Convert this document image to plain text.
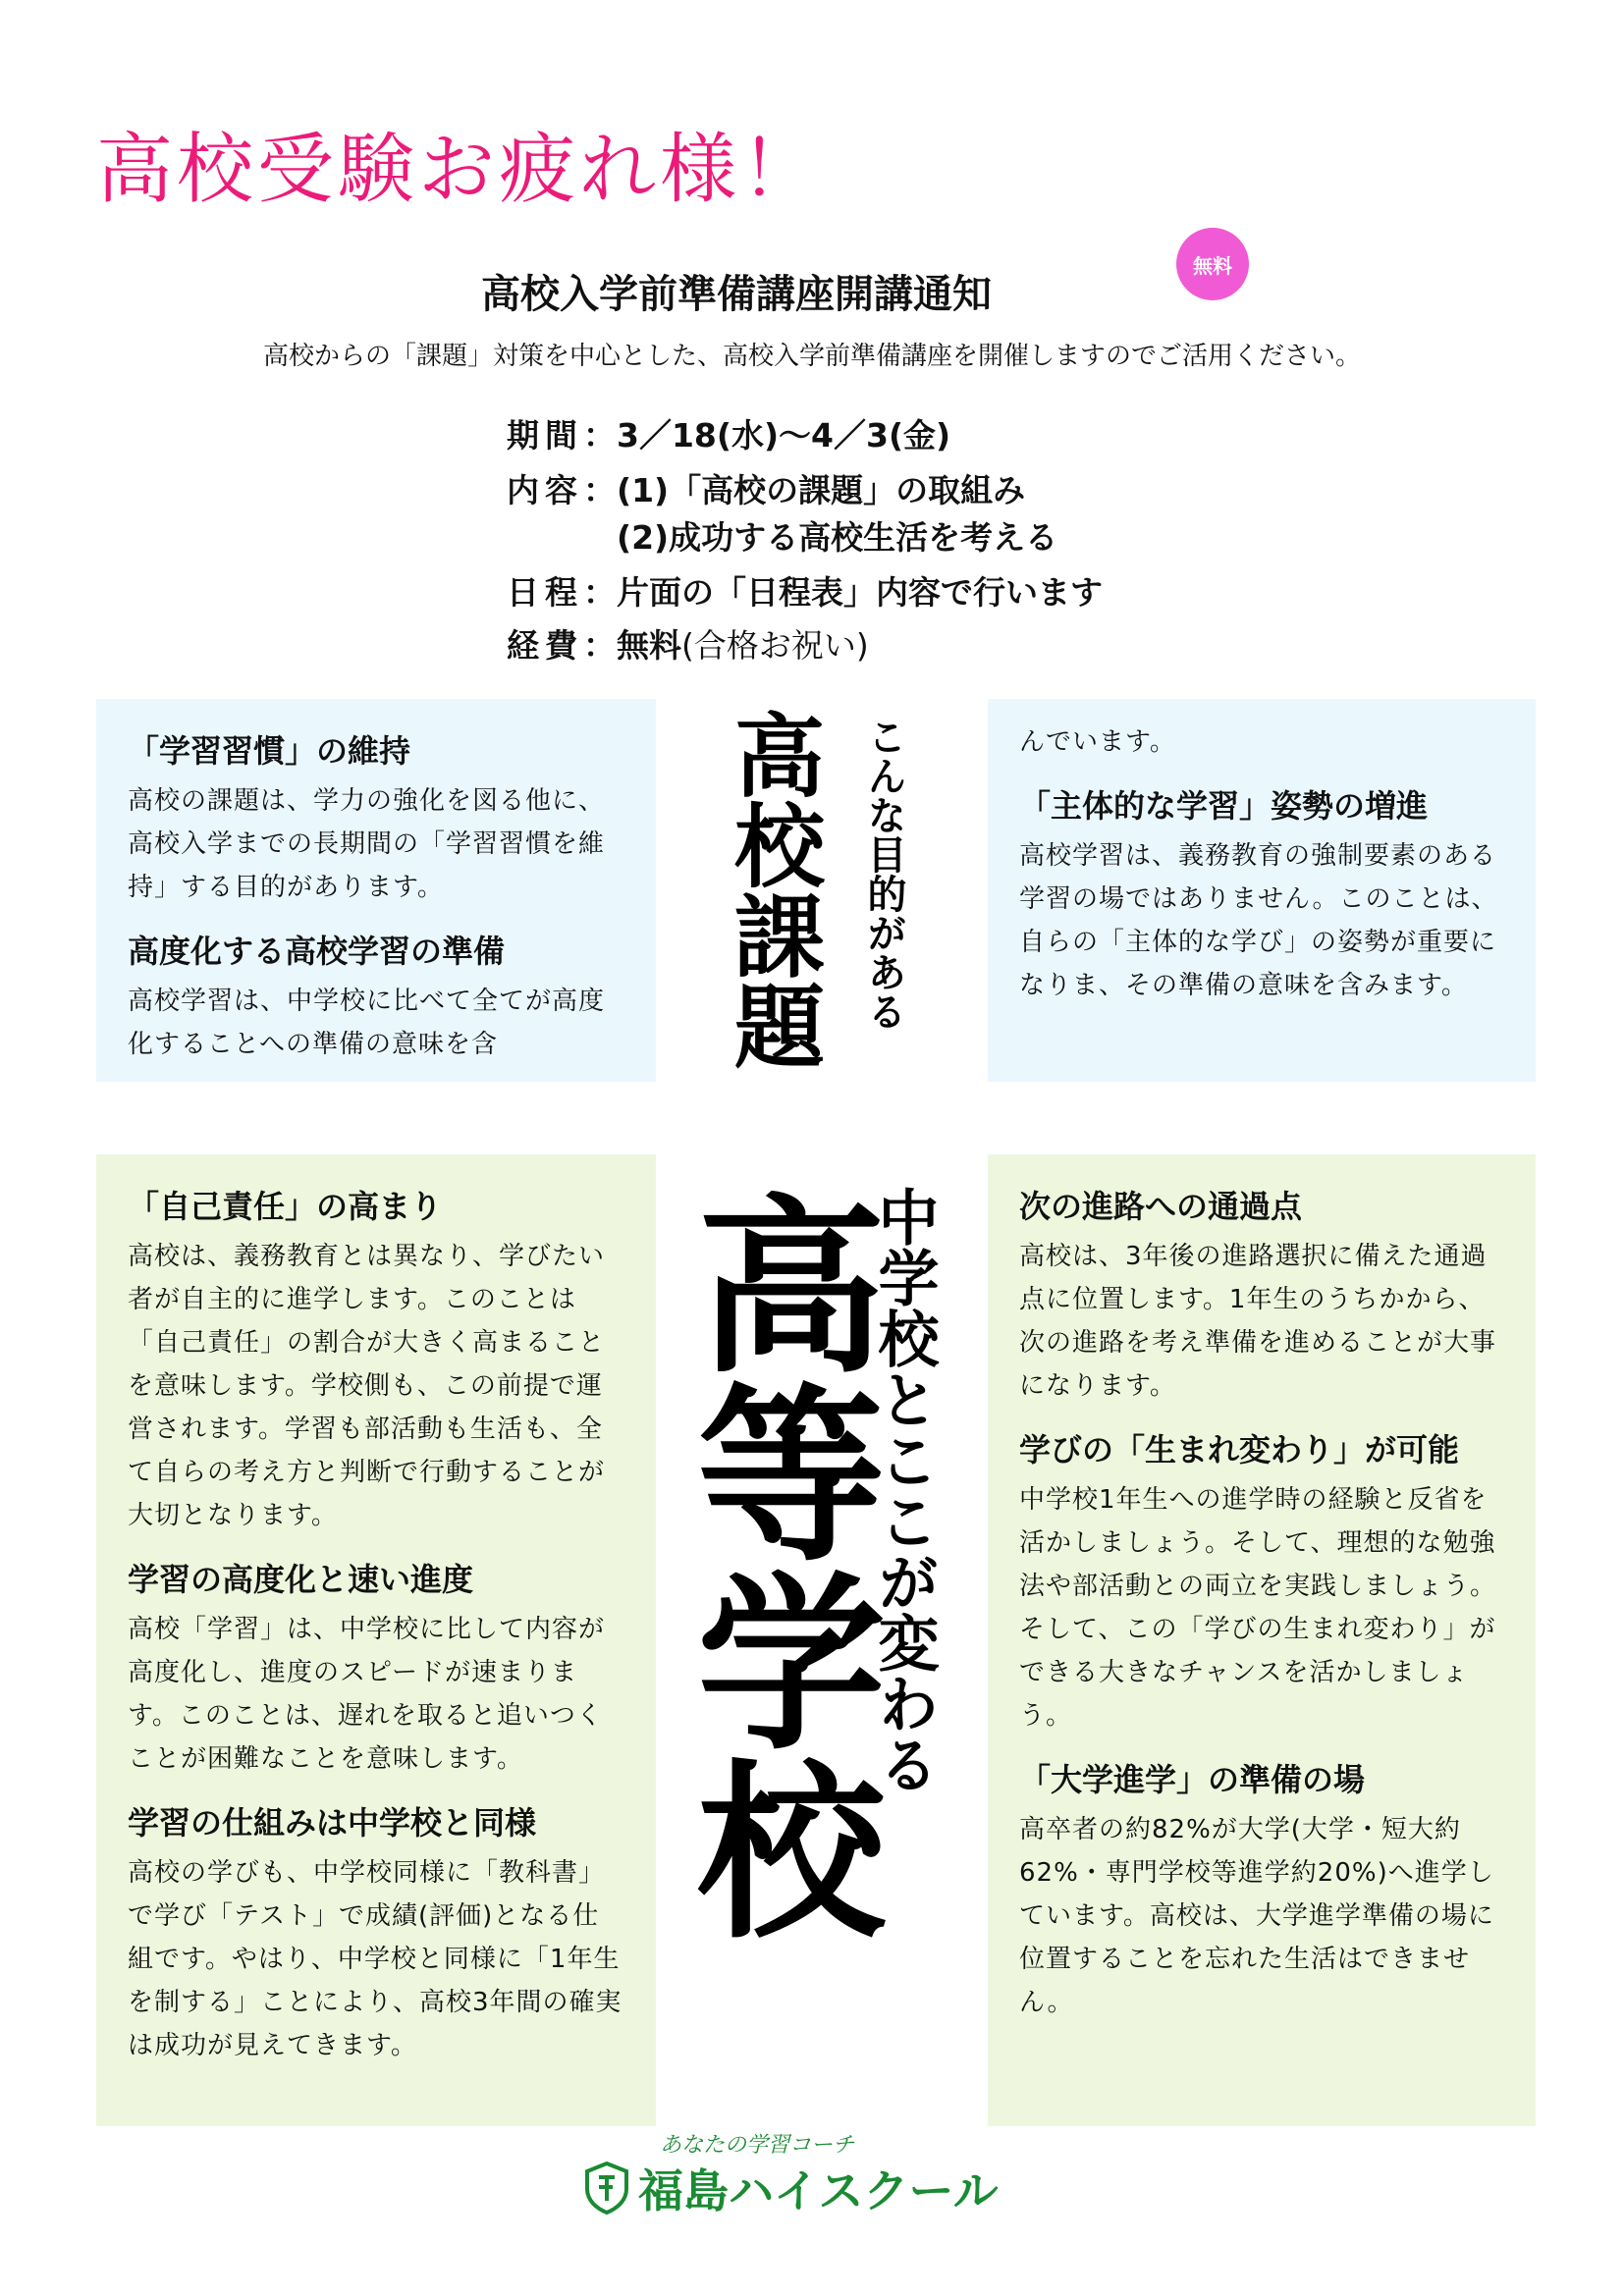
高校受験お疲れ様！
高校入学前準備講座開講通知
無料
高校からの「課題」対策を中心とした、高校入学前準備講座を開催しますのでご活用ください。
期間：3／18(水)～4／3(金)
内容：(1)「高校の課題」の取組み
(2)成功する高校生活を考える
日程：片面の「日程表」内容で行います
経費：無料(合格お祝い)
「学習習慣」の維持
高校の課題は、学力の強化を図る他に、高校入学までの長期間の「学習習慣を維持」する目的があります。
高度化する高校学習の準備
高校学習は、中学校に比べて全てが高度化することへの準備の意味を含
こんな目的がある
高校課題	んでいます。
「主体的な学習」姿勢の増進
高校学習は、義務教育の強制要素のある学習の場ではありません。このことは、自らの「主体的な学び」の姿勢が重要になりま、その準備の意味を含みます。
「自己責任」の高まり
高校は、義務教育とは異なり、学びたい者が自主的に進学します。このことは「自己責任」の割合が大きく高まることを意味します。学校側も、この前提で運営されます。学習も部活動も生活も、全て自らの考え方と判断で行動することが大切となります。
学習の高度化と速い進度
高校「学習」は、中学校に比して内容が高度化し、進度のスピードが速まります。このことは、遅れを取ると追いつくことが困難なことを意味します。
学習の仕組みは中学校と同様
高校の学びも、中学校同様に「教科書」で学び「テスト」で成績(評価)となる仕組です。やはり、中学校と同様に「1年生を制する」ことにより、高校3年間の確実は成功が見えてきます。
中学校とここが変わる
高等学校	次の進路への通過点
高校は、3年後の進路選択に備えた通過点に位置します。1年生のうちかから、次の進路を考え準備を進めることが大事になります。
学びの「生まれ変わり」が可能
中学校1年生への進学時の経験と反省を活かしましょう。そして、理想的な勉強法や部活動との両立を実践しましょう。そして、この「学びの生まれ変わり」ができる大きなチャンスを活かしましょう。
「大学進学」の準備の場
高卒者の約82%が大学(大学・短大約62%・専門学校等進学約20%)へ進学しています。高校は、大学進学準備の場に位置することを忘れた生活はできません。
あなたの学習コーチ
福島ハイスクール
